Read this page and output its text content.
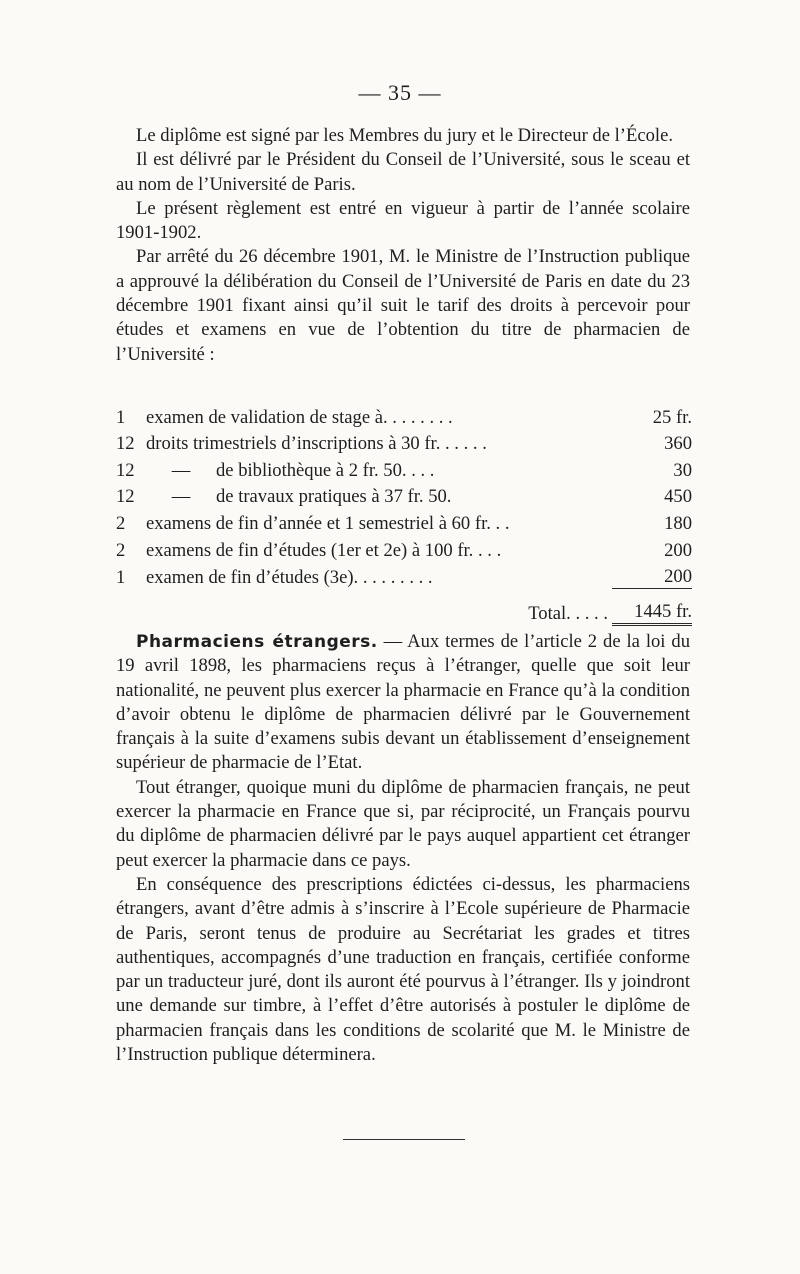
— 35 —

Le diplôme est signé par les Membres du jury et le Directeur de l’École.

Il est délivré par le Président du Conseil de l’Université, sous le sceau et au nom de l’Université de Paris.

Le présent règlement est entré en vigueur à partir de l’année scolaire 1901-1902.

Par arrêté du 26 décembre 1901, M. le Ministre de l’Instruction publique a approuvé la délibération du Conseil de l’Université de Paris en date du 23 décembre 1901 fixant ainsi qu’il suit le tarif des droits à percevoir pour études et examens en vue de l’obtention du titre de pharmacien de l’Université :

1	examen de validation de stage à. . . . . . . .		25 fr.
12	droits trimestriels d’inscriptions à 30 fr. . . . . .		360
12	—	de bibliothèque à 2 fr. 50. . . .	30
12	—	de travaux pratiques à 37 fr. 50.	450
2	examens de fin d’année et 1 semestriel à 60 fr. . .		180
2	examens de fin d’études (1er et 2e) à 100 fr. . . .		200
1	examen de fin d’études (3e). . . . . . . . .		200
	Total. . . . .		1445 fr.

Pharmaciens étrangers. — Aux termes de l’article 2 de la loi du 19 avril 1898, les pharmaciens reçus à l’étranger, quelle que soit leur nationalité, ne peuvent plus exercer la pharmacie en France qu’à la condition d’avoir obtenu le diplôme de pharmacien délivré par le Gouvernement français à la suite d’examens subis devant un établissement d’enseignement supérieur de pharmacie de l’Etat.

Tout étranger, quoique muni du diplôme de pharmacien français, ne peut exercer la pharmacie en France que si, par réciprocité, un Français pourvu du diplôme de pharmacien délivré par le pays auquel appartient cet étranger peut exercer la pharmacie dans ce pays.

En conséquence des prescriptions édictées ci-dessus, les pharmaciens étrangers, avant d’être admis à s’inscrire à l’Ecole supérieure de Pharmacie de Paris, seront tenus de produire au Secrétariat les grades et titres authentiques, accompagnés d’une traduction en français, certifiée conforme par un traducteur juré, dont ils auront été pourvus à l’étranger. Ils y joindront une demande sur timbre, à l’effet d’être autorisés à postuler le diplôme de pharmacien français dans les conditions de scolarité que M. le Ministre de l’Instruction publique déterminera.
